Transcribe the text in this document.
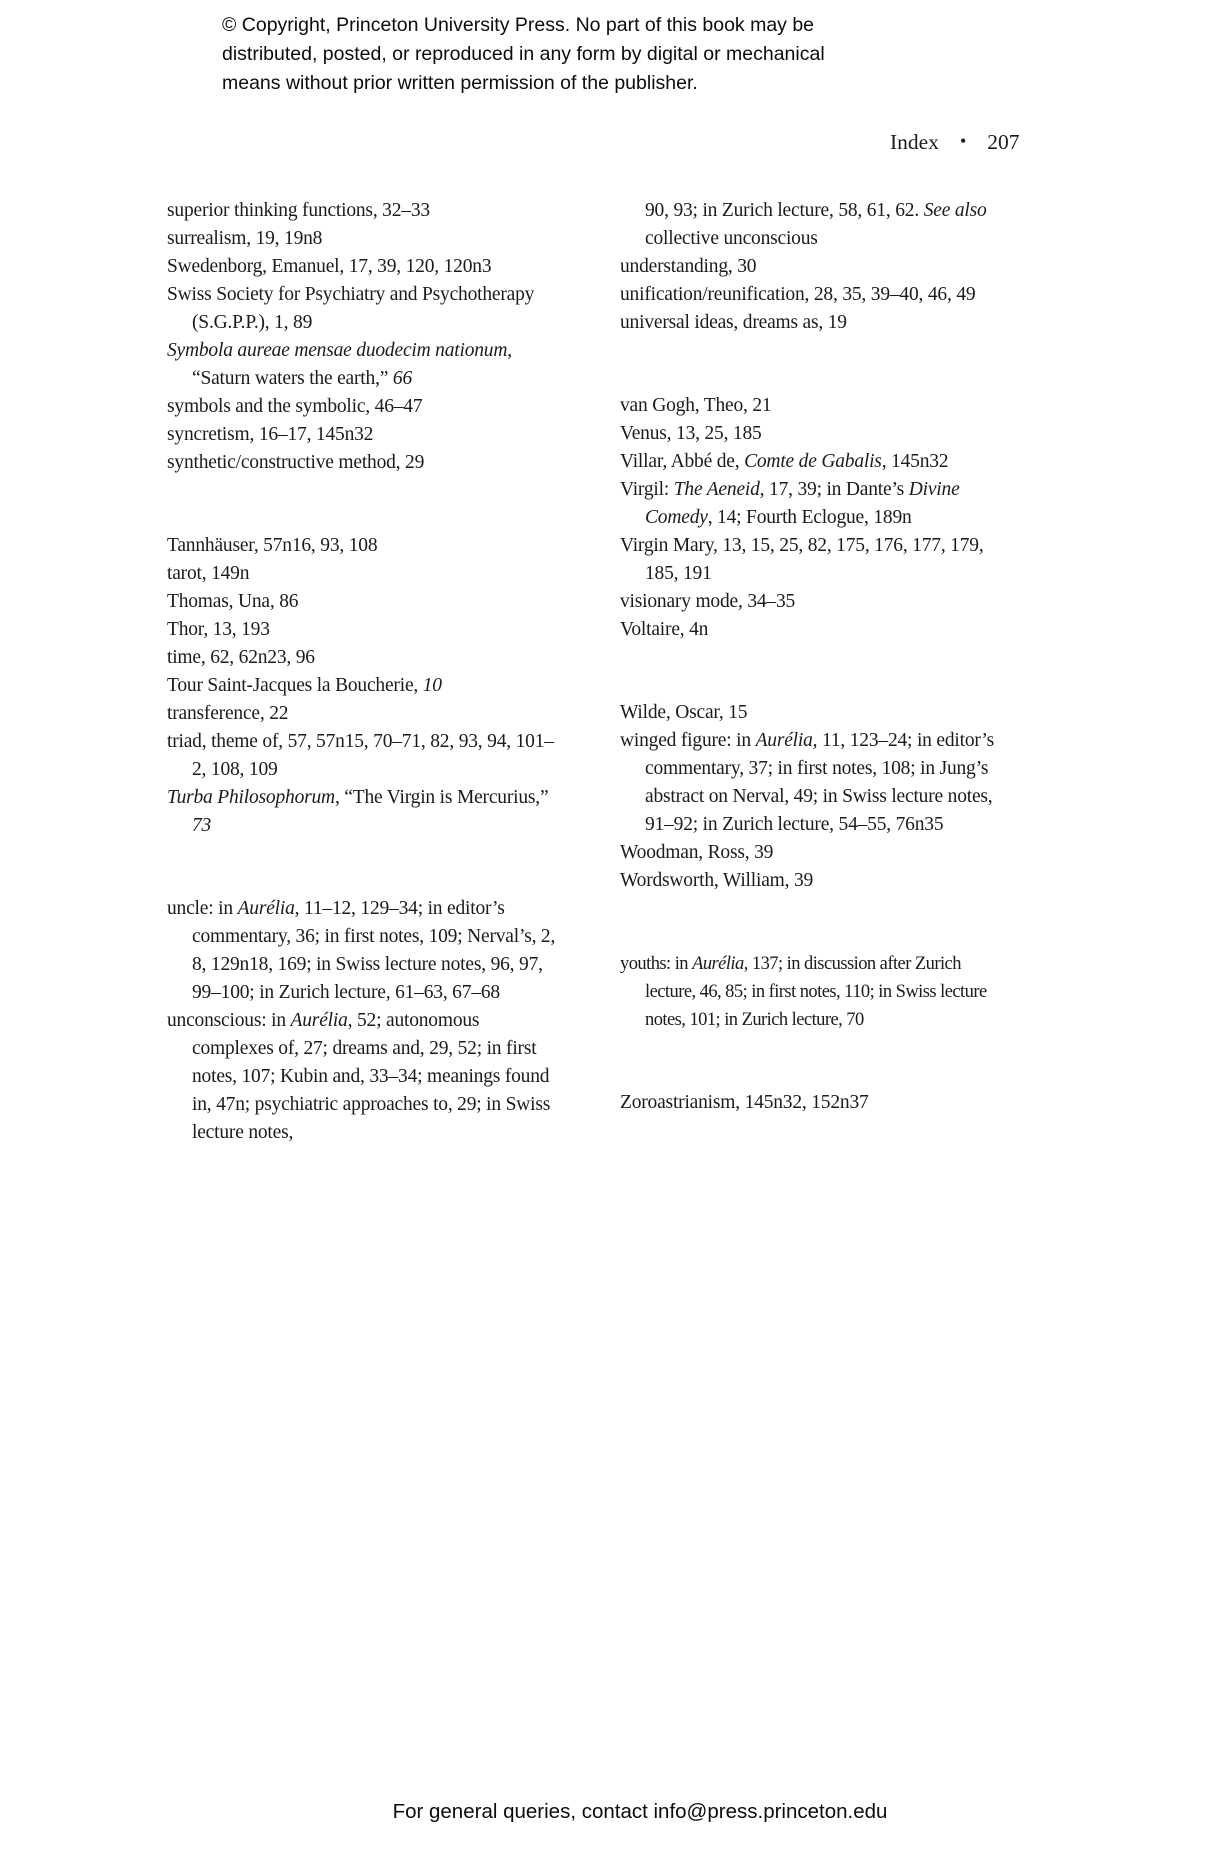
© Copyright, Princeton University Press. No part of this book may be
distributed, posted, or reproduced in any form by digital or mechanical
means without prior written permission of the publisher.
Index • 207

superior thinking functions, 32–33

surrealism, 19, 19n8

Swedenborg, Emanuel, 17, 39, 120, 120n3

Swiss Society for Psychiatry and Psychotherapy (S.G.P.P.), 1, 89

Symbola aureae mensae duodecim nationum, “Saturn waters the earth,” 66

symbols and the symbolic, 46–47

syncretism, 16–17, 145n32

synthetic/constructive method, 29

Tannhäuser, 57n16, 93, 108

tarot, 149n

Thomas, Una, 86

Thor, 13, 193

time, 62, 62n23, 96

Tour Saint-Jacques la Boucherie, 10

transference, 22

triad, theme of, 57, 57n15, 70–71, 82, 93, 94, 101–2, 108, 109

Turba Philosophorum, “The Virgin is Mercurius,” 73

uncle: in Aurélia, 11–12, 129–34; in editor’s commentary, 36; in first notes, 109; Nerval’s, 2, 8, 129n18, 169; in Swiss lecture notes, 96, 97, 99–100; in Zurich lecture, 61–63, 67–68

unconscious: in Aurélia, 52; autonomous complexes of, 27; dreams and, 29, 52; in first notes, 107; Kubin and, 33–34; meanings found in, 47n; psychiatric approaches to, 29; in Swiss lecture notes,

90, 93; in Zurich lecture, 58, 61, 62. See also collective unconscious

understanding, 30

unification/reunification, 28, 35, 39–40, 46, 49

universal ideas, dreams as, 19

van Gogh, Theo, 21

Venus, 13, 25, 185

Villar, Abbé de, Comte de Gabalis, 145n32

Virgil: The Aeneid, 17, 39; in Dante’s Divine Comedy, 14; Fourth Eclogue, 189n

Virgin Mary, 13, 15, 25, 82, 175, 176, 177, 179, 185, 191

visionary mode, 34–35

Voltaire, 4n

Wilde, Oscar, 15

winged figure: in Aurélia, 11, 123–24; in editor’s commentary, 37; in first notes, 108; in Jung’s abstract on Nerval, 49; in Swiss lecture notes, 91–92; in Zurich lecture, 54–55, 76n35

Woodman, Ross, 39

Wordsworth, William, 39

youths: in Aurélia, 137; in discussion after Zurich lecture, 46, 85; in first notes, 110; in Swiss lecture notes, 101; in Zurich lecture, 70

Zoroastrianism, 145n32, 152n37

For general queries, contact info@press.princeton.edu
